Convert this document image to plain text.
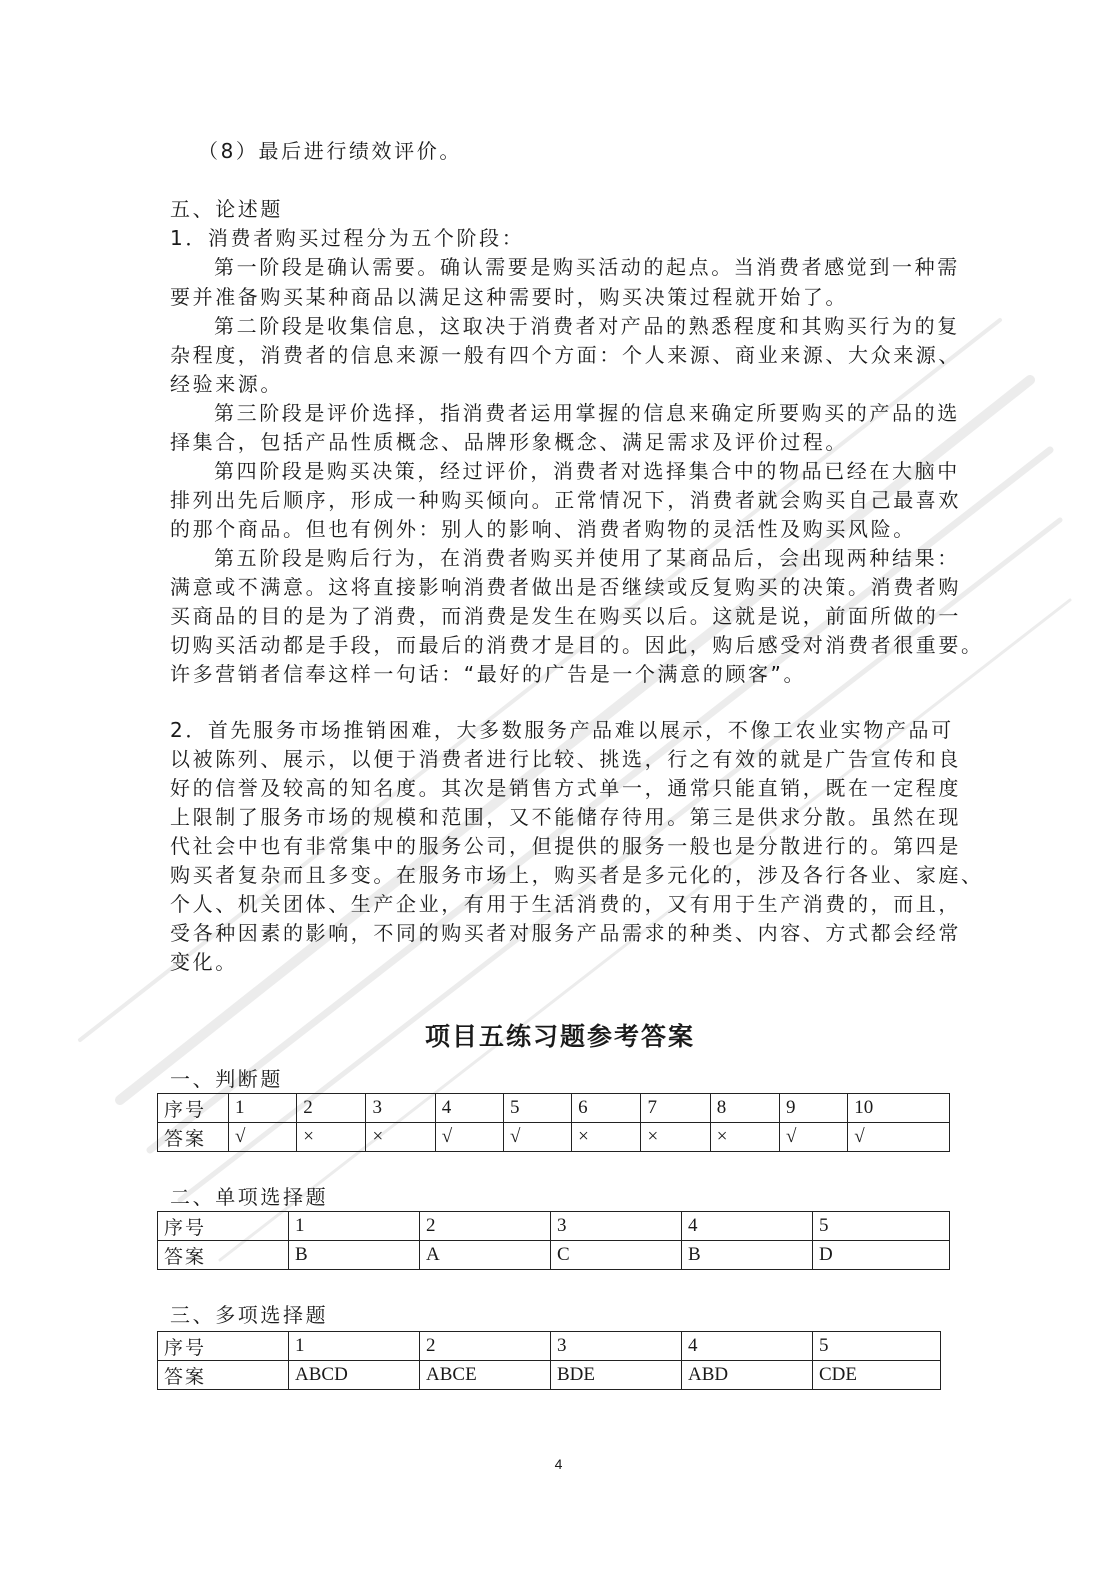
（8）最后进行绩效评价。
五、论述题
1．消费者购买过程分为五个阶段：
第一阶段是确认需要。确认需要是购买活动的起点。当消费者感觉到一种需
要并准备购买某种商品以满足这种需要时，购买决策过程就开始了。
第二阶段是收集信息，这取决于消费者对产品的熟悉程度和其购买行为的复
杂程度，消费者的信息来源一般有四个方面：个人来源、商业来源、大众来源、
经验来源。
第三阶段是评价选择，指消费者运用掌握的信息来确定所要购买的产品的选
择集合，包括产品性质概念、品牌形象概念、满足需求及评价过程。
第四阶段是购买决策，经过评价，消费者对选择集合中的物品已经在大脑中
排列出先后顺序，形成一种购买倾向。正常情况下，消费者就会购买自己最喜欢
的那个商品。但也有例外：别人的影响、消费者购物的灵活性及购买风险。
第五阶段是购后行为，在消费者购买并使用了某商品后，会出现两种结果：
满意或不满意。这将直接影响消费者做出是否继续或反复购买的决策。消费者购
买商品的目的是为了消费，而消费是发生在购买以后。这就是说，前面所做的一
切购买活动都是手段，而最后的消费才是目的。因此，购后感受对消费者很重要。
许多营销者信奉这样一句话：“最好的广告是一个满意的顾客”。
2．首先服务市场推销困难，大多数服务产品难以展示，不像工农业实物产品可
以被陈列、展示，以便于消费者进行比较、挑选，行之有效的就是广告宣传和良
好的信誉及较高的知名度。其次是销售方式单一，通常只能直销，既在一定程度
上限制了服务市场的规模和范围，又不能储存待用。第三是供求分散。虽然在现
代社会中也有非常集中的服务公司，但提供的服务一般也是分散进行的。第四是
购买者复杂而且多变。在服务市场上，购买者是多元化的，涉及各行各业、家庭、
个人、机关团体、生产企业，有用于生活消费的，又有用于生产消费的，而且，
受各种因素的影响，不同的购买者对服务产品需求的种类、内容、方式都会经常
变化。
项目五练习题参考答案
一、判断题
序号	1	2	3	4	5	6	7	8	9	10
答案	√	×	×	√	√	×	×	×	√	√
二、单项选择题
序号	1	2	3	4	5
答案	B	A	C	B	D
三、多项选择题
序号	1	2	3	4	5
答案	ABCD	ABCE	BDE	ABD	CDE
4
